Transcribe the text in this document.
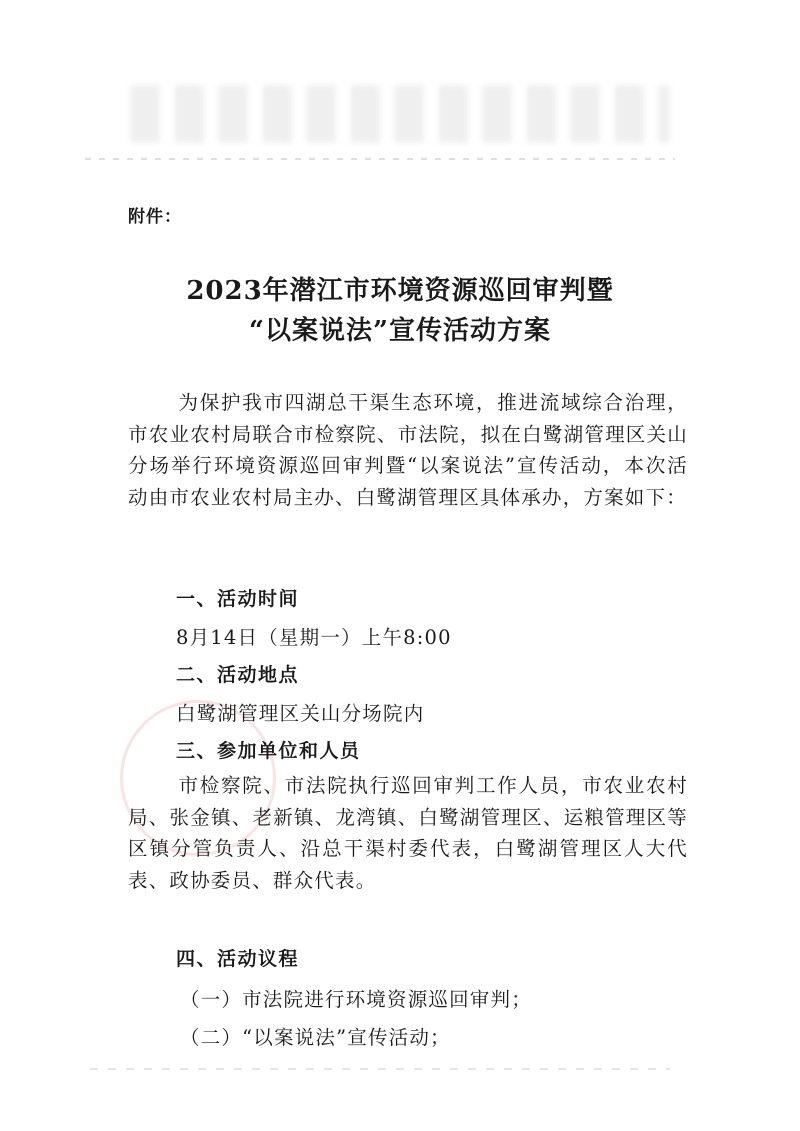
附件：
2023年潜江市环境资源巡回审判暨
“以案说法”宣传活动方案
为保护我市四湖总干渠生态环境，推进流域综合治理，市农业农村局联合市检察院、市法院，拟在白鹭湖管理区关山分场举行环境资源巡回审判暨“以案说法”宣传活动，本次活动由市农业农村局主办、白鹭湖管理区具体承办，方案如下：
一、活动时间
8月14日（星期一）上午8:00
二、活动地点
白鹭湖管理区关山分场院内
三、参加单位和人员
市检察院、市法院执行巡回审判工作人员，市农业农村局、张金镇、老新镇、龙湾镇、白鹭湖管理区、运粮管理区等区镇分管负责人、沿总干渠村委代表，白鹭湖管理区人大代表、政协委员、群众代表。
四、活动议程
（一）市法院进行环境资源巡回审判；
（二）“以案说法”宣传活动；
